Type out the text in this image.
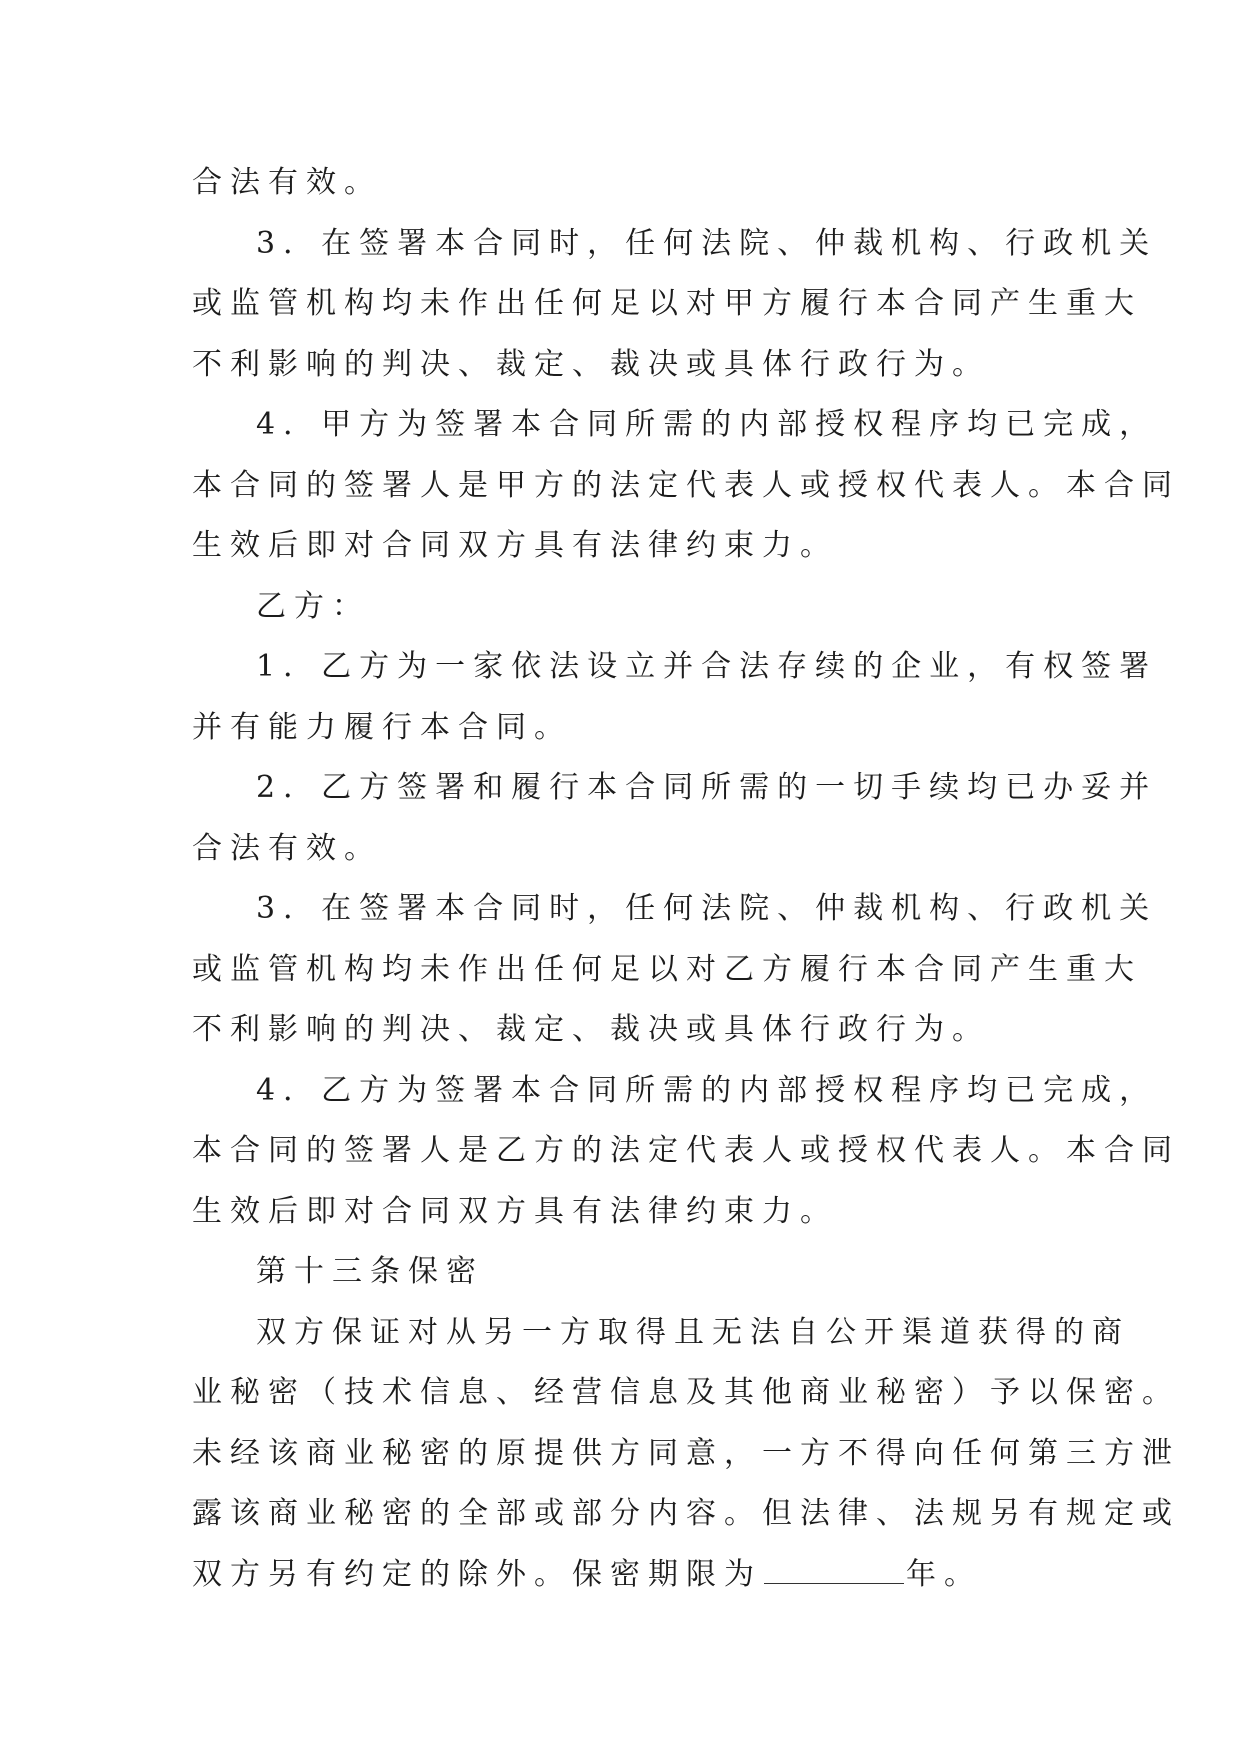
合法有效。
3．在签署本合同时，任何法院、仲裁机构、行政机关
或监管机构均未作出任何足以对甲方履行本合同产生重大
不利影响的判决、裁定、裁决或具体行政行为。
4．甲方为签署本合同所需的内部授权程序均已完成，
本合同的签署人是甲方的法定代表人或授权代表人。本合同
生效后即对合同双方具有法律约束力。
乙方：
1．乙方为一家依法设立并合法存续的企业，有权签署
并有能力履行本合同。
2．乙方签署和履行本合同所需的一切手续均已办妥并
合法有效。
3．在签署本合同时，任何法院、仲裁机构、行政机关
或监管机构均未作出任何足以对乙方履行本合同产生重大
不利影响的判决、裁定、裁决或具体行政行为。
4．乙方为签署本合同所需的内部授权程序均已完成，
本合同的签署人是乙方的法定代表人或授权代表人。本合同
生效后即对合同双方具有法律约束力。
第十三条保密
双方保证对从另一方取得且无法自公开渠道获得的商
业秘密（技术信息、经营信息及其他商业秘密）予以保密。
未经该商业秘密的原提供方同意，一方不得向任何第三方泄
露该商业秘密的全部或部分内容。但法律、法规另有规定或
双方另有约定的除外。保密期限为	年。
